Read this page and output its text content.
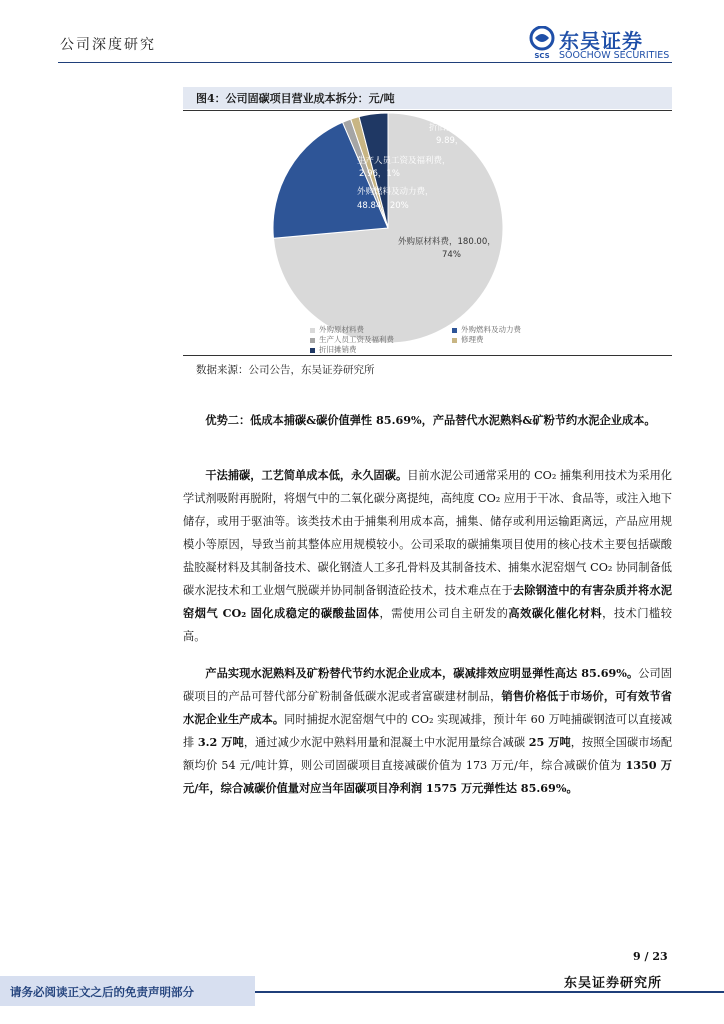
公司深度研究
SCS
东吴证券
SOOCHOW SECURITIES
图4：公司固碳项目营业成本拆分：元/吨
外购原材料费，180.00，
74%
外购燃料及动力费，
48.84，20%
生产人员工资及福利费，
2.96，1%
折旧摊销费，
9.89，4%
外购原材料费	外购燃料及动力费
生产人员工资及福利费	修理费
折旧摊销费
数据来源：公司公告，东吴证券研究所

优势二：低成本捕碳&碳价值弹性 85.69%，产品替代水泥熟料&矿粉节约水泥企业成本。

干法捕碳，工艺简单成本低，永久固碳。目前水泥公司通常采用的 CO₂ 捕集利用技术为采用化学试剂吸附再脱附，将烟气中的二氧化碳分离提纯，高纯度 CO₂ 应用于干冰、食品等，或注入地下储存，或用于驱油等。该类技术由于捕集利用成本高，捕集、储存或利用运输距离远，产品应用规模小等原因，导致当前其整体应用规模较小。公司采取的碳捕集项目使用的核心技术主要包括碳酸盐胶凝材料及其制备技术、碳化钢渣人工多孔骨料及其制备技术、捕集水泥窑烟气 CO₂ 协同制备低碳水泥技术和工业烟气脱碳并协同制备钢渣砼技术，技术难点在于去除钢渣中的有害杂质并将水泥窑烟气 CO₂ 固化成稳定的碳酸盐固体，需使用公司自主研发的高效碳化催化材料，技术门槛较高。

产品实现水泥熟料及矿粉替代节约水泥企业成本，碳减排效应明显弹性高达 85.69%。公司固碳项目的产品可替代部分矿粉制备低碳水泥或者富碳建材制品，销售价格低于市场价，可有效节省水泥企业生产成本。同时捕捉水泥窑烟气中的 CO₂ 实现减排，预计年 60 万吨捕碳钢渣可以直接减排 3.2 万吨，通过减少水泥中熟料用量和混凝土中水泥用量综合减碳 25 万吨，按照全国碳市场配额均价 54 元/吨计算，则公司固碳项目直接减碳价值为 173 万元/年，综合减碳价值为 1350 万元/年，综合减碳价值量对应当年固碳项目净利润 1575 万元弹性达 85.69%。

9 / 23
东吴证券研究所
请务必阅读正文之后的免责声明部分
